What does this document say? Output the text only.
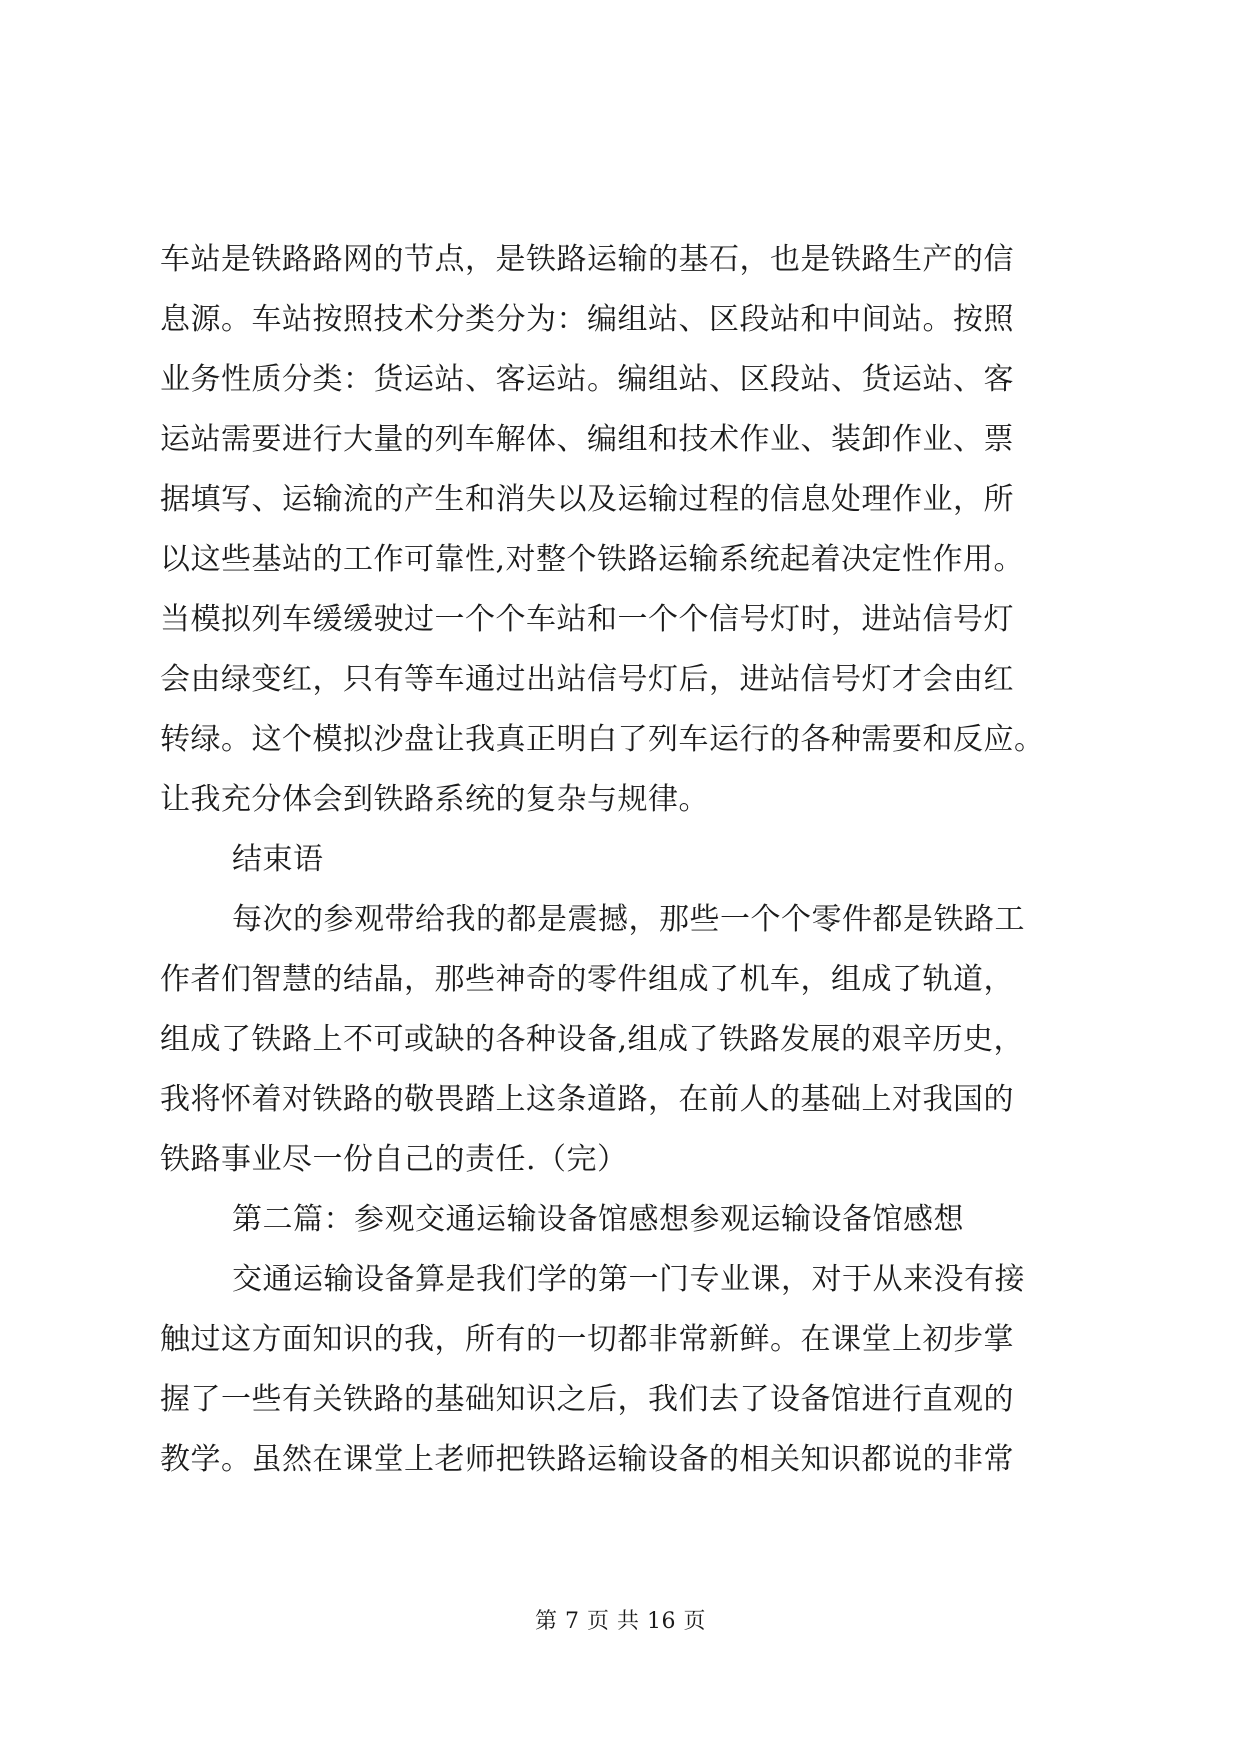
车站是铁路路网的节点，是铁路运输的基石，也是铁路生产的信
息源。车站按照技术分类分为：编组站、区段站和中间站。按照
业务性质分类：货运站、客运站。编组站、区段站、货运站、客
运站需要进行大量的列车解体、编组和技术作业、装卸作业、票
据填写、运输流的产生和消失以及运输过程的信息处理作业，所
以这些基站的工作可靠性,对整个铁路运输系统起着决定性作用。
当模拟列车缓缓驶过一个个车站和一个个信号灯时，进站信号灯
会由绿变红，只有等车通过出站信号灯后，进站信号灯才会由红
转绿。这个模拟沙盘让我真正明白了列车运行的各种需要和反应。
让我充分体会到铁路系统的复杂与规律。
结束语
每次的参观带给我的都是震撼，那些一个个零件都是铁路工
作者们智慧的结晶，那些神奇的零件组成了机车，组成了轨道，
组成了铁路上不可或缺的各种设备,组成了铁路发展的艰辛历史，
我将怀着对铁路的敬畏踏上这条道路，在前人的基础上对我国的
铁路事业尽一份自己的责任.（完）
第二篇：参观交通运输设备馆感想参观运输设备馆感想
交通运输设备算是我们学的第一门专业课，对于从来没有接
触过这方面知识的我，所有的一切都非常新鲜。在课堂上初步掌
握了一些有关铁路的基础知识之后，我们去了设备馆进行直观的
教学。虽然在课堂上老师把铁路运输设备的相关知识都说的非常
第 7 页 共 16 页
